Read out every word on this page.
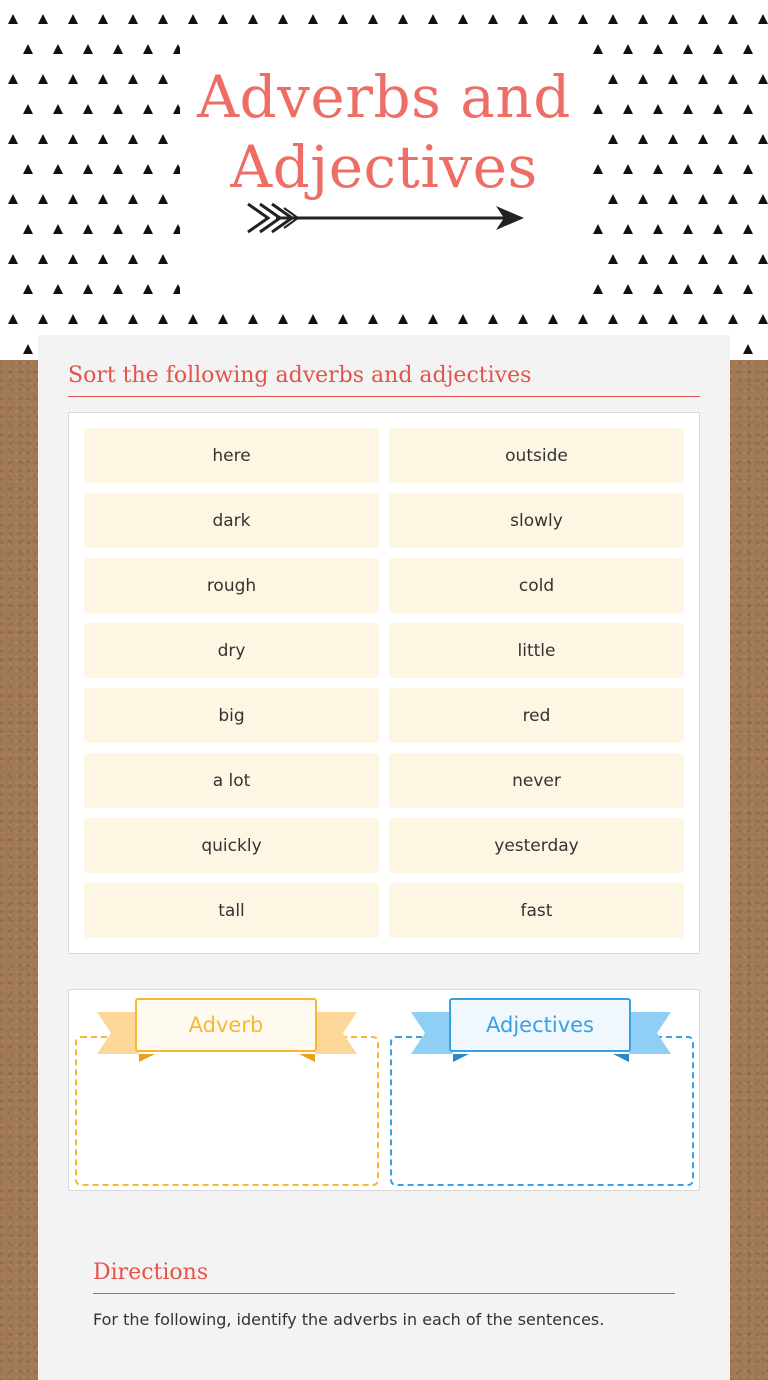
Adverbs and
Adjectives
Sort the following adverbs and adjectives
here	outside
dark	slowly
rough	cold
dry	little
big	red
a lot	never
quickly	yesterday
tall	fast
Adverb	Adjectives
Directions
For the following, identify the adverbs in each of the sentences.
